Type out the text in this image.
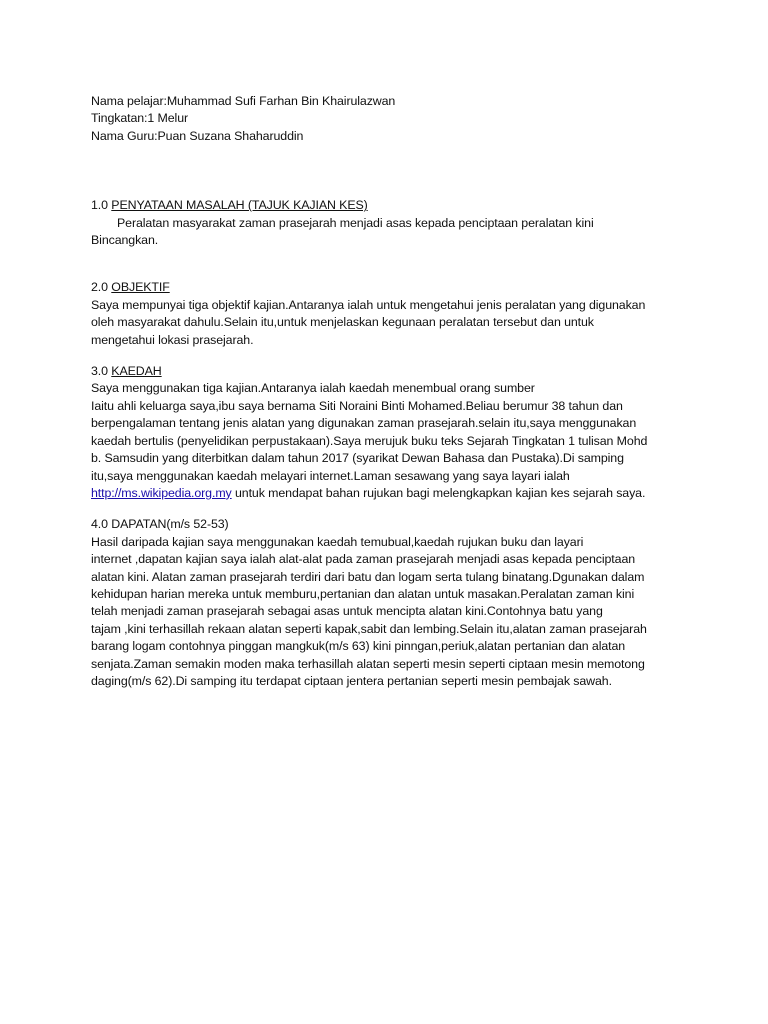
Nama pelajar:Muhammad Sufi Farhan Bin Khairulazwan
Tingkatan:1 Melur
Nama Guru:Puan Suzana Shaharuddin
1.0 PENYATAAN MASALAH (TAJUK KAJIAN KES)
Peralatan masyarakat zaman prasejarah menjadi asas kepada penciptaan peralatan kini
Bincangkan.
2.0 OBJEKTIF
Saya mempunyai tiga objektif kajian.Antaranya ialah untuk mengetahui jenis peralatan yang digunakan
oleh masyarakat dahulu.Selain itu,untuk menjelaskan kegunaan peralatan tersebut dan untuk
mengetahui lokasi prasejarah.
3.0 KAEDAH
Saya menggunakan tiga kajian.Antaranya ialah kaedah menembual orang sumber
Iaitu ahli keluarga saya,ibu saya bernama Siti Noraini Binti Mohamed.Beliau berumur 38 tahun dan
berpengalaman tentang jenis alatan yang digunakan zaman prasejarah.selain itu,saya menggunakan
kaedah bertulis (penyelidikan perpustakaan).Saya merujuk buku teks Sejarah Tingkatan 1 tulisan Mohd
b. Samsudin yang diterbitkan dalam tahun 2017 (syarikat Dewan Bahasa dan Pustaka).Di samping
itu,saya menggunakan kaedah melayari internet.Laman sesawang yang saya layari ialah
http://ms.wikipedia.org.my untuk mendapat bahan rujukan bagi melengkapkan kajian kes sejarah saya.
4.0 DAPATAN(m/s 52-53)
Hasil daripada kajian saya menggunakan kaedah temubual,kaedah rujukan buku dan layari
internet ,dapatan kajian saya ialah alat-alat pada zaman prasejarah menjadi asas kepada penciptaan
alatan kini. Alatan zaman prasejarah terdiri dari batu dan logam serta tulang binatang.Dgunakan dalam
kehidupan harian mereka untuk memburu,pertanian dan alatan untuk masakan.Peralatan zaman kini
telah menjadi zaman prasejarah sebagai asas untuk mencipta alatan kini.Contohnya batu yang
tajam ,kini terhasillah rekaan alatan seperti kapak,sabit dan lembing.Selain itu,alatan zaman prasejarah
barang logam contohnya pinggan mangkuk(m/s 63) kini pinngan,periuk,alatan pertanian dan alatan
senjata.Zaman semakin moden maka terhasillah alatan seperti mesin seperti ciptaan mesin memotong
daging(m/s 62).Di samping itu terdapat ciptaan jentera pertanian seperti mesin pembajak sawah.
